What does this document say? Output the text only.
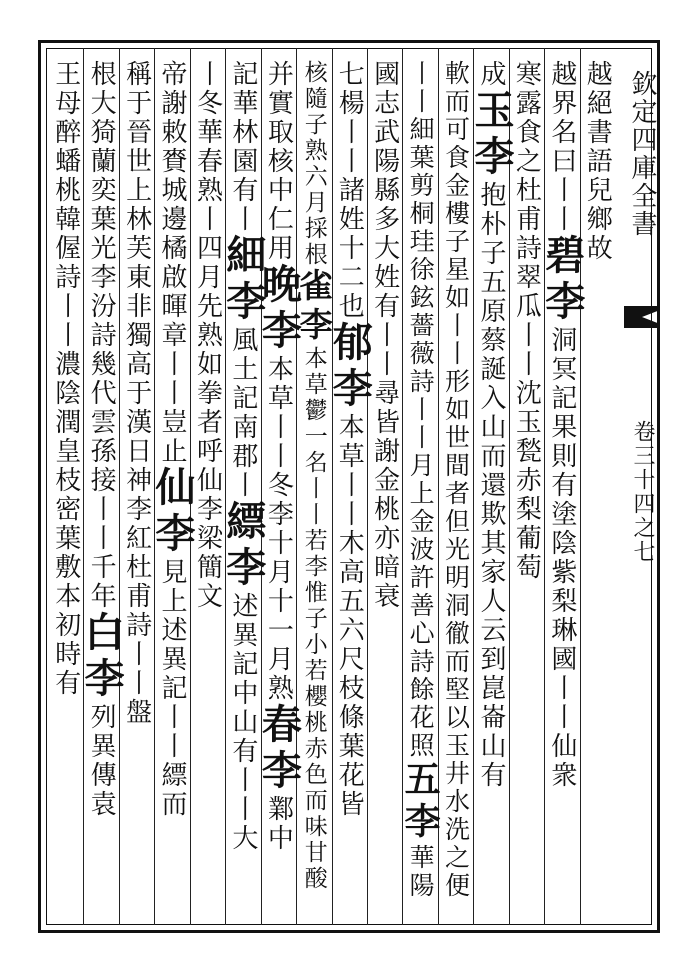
欽定四庫全書
卷三十四之七
越絕書語兒鄉故
越界名曰丨丨碧李洞冥記果則有塗陰紫梨琳國丨丨仙衆
寒露食之杜甫詩翠瓜丨丨沈玉甃赤梨葡萄
成玉李抱朴子五原蔡誕入山而還欺其家人云到崑崙山有
軟而可食金樓子星如丨丨形如世間者但光明洞徹而堅以玉井水洗之便
丨丨細葉剪桐珪徐鉉薔薇詩丨丨月上金波許善心詩餘花照五李華陽
國志武陽縣多大姓有丨丨尋皆謝金桃亦暗衰
七楊丨丨諸姓十二也郁李本草丨丨木高五六尺枝條葉花皆
核隨子熟六月採根雀李本草鬱一名丨丨若李惟子小若櫻桃赤色而味甘酸
并實取核中仁用晚李本草丨丨冬李十月十一月熟春李鄴中
記華林園有丨細李風土記南郡丨縹李述異記中山有丨丨大
丨冬華春熟丨四月先熟如拳者呼仙李梁簡文
帝謝敕賚城邊橘啟暉章丨丨豈止仙李見上述異記丨丨縹而
稱于晉世上林芙東非獨高于漢日神李紅杜甫詩丨丨盤
根大猗蘭奕葉光李汾詩幾代雲孫接丨丨千年白李列異傳袁
王母醉蟠桃韓偓詩丨丨濃陰潤皇枝密葉敷本初時有
